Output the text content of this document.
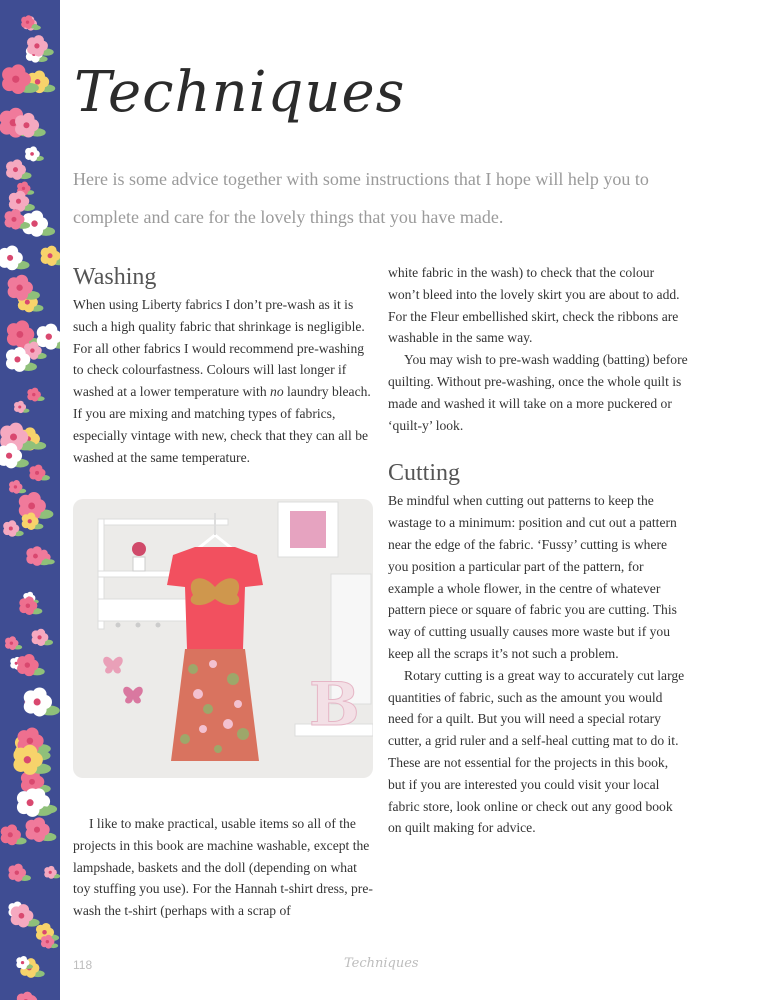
Techniques

Here is some advice together with some instructions that I hope will help you to complete and care for the lovely things that you have made.

Washing

When using Liberty fabrics I don’t pre-wash as it is such a high quality fabric that shrinkage is negligible. For all other fabrics I would recommend pre-washing to check colourfastness. Colours will last longer if washed at a lower temperature with no laundry bleach. If you are mixing and matching types of fabrics, especially vintage with new, check that they can all be washed at the same temperature.

B

I like to make practical, usable items so all of the projects in this book are machine washable, except the lampshade, baskets and the doll (depending on what toy stuffing you use). For the Hannah t-shirt dress, pre-wash the t-shirt (perhaps with a scrap of

white fabric in the wash) to check that the colour won’t bleed into the lovely skirt you are about to add. For the Fleur embellished skirt, check the ribbons are washable in the same way.

You may wish to pre-wash wadding (batting) before quilting. Without pre-washing, once the whole quilt is made and washed it will take on a more puckered or ‘quilt-y’ look.

Cutting

Be mindful when cutting out patterns to keep the wastage to a minimum: position and cut out a pattern near the edge of the fabric. ‘Fussy’ cutting is where you position a particular part of the pattern, for example a whole flower, in the centre of whatever pattern piece or square of fabric you are cutting. This way of cutting usually causes more waste but if you keep all the scraps it’s not such a problem.

Rotary cutting is a great way to accurately cut large quantities of fabric, such as the amount you would need for a quilt. But you will need a special rotary cutter, a grid ruler and a self-heal cutting mat to do it. These are not essential for the projects in this book, but if you are interested you could visit your local fabric store, look online or check out any good book on quilt making for advice.

118	Techniques
